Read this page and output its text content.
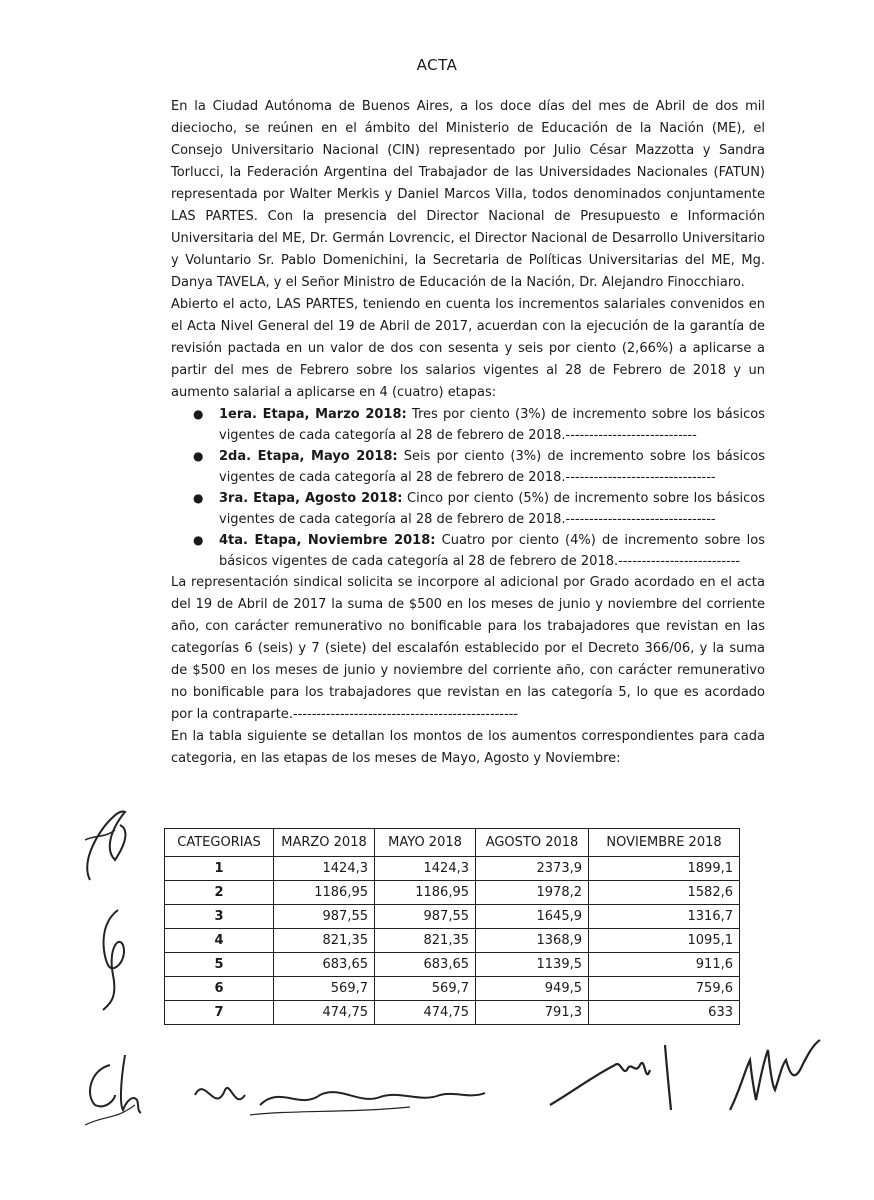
ACTA

En la Ciudad Autónoma de Buenos Aires, a los doce días del mes de Abril de dos mil dieciocho, se reúnen en el ámbito del Ministerio de Educación de la Nación (ME), el Consejo Universitario Nacional (CIN) representado por Julio César Mazzotta y Sandra Torlucci, la Federación Argentina del Trabajador de las Universidades Nacionales (FATUN) representada por Walter Merkis y Daniel Marcos Villa, todos denominados conjuntamente LAS PARTES. Con la presencia del Director Nacional de Presupuesto e Información Universitaria del ME, Dr. Germán Lovrencic, el Director Nacional de Desarrollo Universitario y Voluntario Sr. Pablo Domenichini, la Secretaria de Políticas Universitarias del ME, Mg. Danya TAVELA, y el Señor Ministro de Educación de la Nación, Dr. Alejandro Finocchiaro.

Abierto el acto, LAS PARTES, teniendo en cuenta los incrementos salariales convenidos en el Acta Nivel General del 19 de Abril de 2017, acuerdan con la ejecución de la garantía de revisión pactada en un valor de dos con sesenta y seis por ciento (2,66%) a aplicarse a partir del mes de Febrero sobre los salarios vigentes al 28 de Febrero de 2018 y un aumento salarial a aplicarse en 4 (cuatro) etapas:

● 1era. Etapa, Marzo 2018: Tres por ciento (3%) de incremento sobre los básicos vigentes de cada categoría al 28 de febrero de 2018.----------------------------
● 2da. Etapa, Mayo 2018: Seis por ciento (3%) de incremento sobre los básicos vigentes de cada categoría al 28 de febrero de 2018.--------------------------------
● 3ra. Etapa, Agosto 2018: Cinco por ciento (5%) de incremento sobre los básicos vigentes de cada categoría al 28 de febrero de 2018.--------------------------------
● 4ta. Etapa, Noviembre 2018: Cuatro por ciento (4%) de incremento sobre los básicos vigentes de cada categoría al 28 de febrero de 2018.--------------------------

La representación sindical solicita se incorpore al adicional por Grado acordado en el acta del 19 de Abril de 2017 la suma de $500 en los meses de junio y noviembre del corriente año, con carácter remunerativo no bonificable para los trabajadores que revistan en las categorías 6 (seis) y 7 (siete) del escalafón establecido por el Decreto 366/06, y la suma de $500 en los meses de junio y noviembre del corriente año, con carácter remunerativo no bonificable para los trabajadores que revistan en las categoría 5, lo que es acordado por la contraparte.------------------------------------------------

En la tabla siguiente se detallan los montos de los aumentos correspondientes para cada categoria, en las etapas de los meses de Mayo, Agosto y Noviembre:

CATEGORIAS	MARZO 2018	MAYO 2018	AGOSTO 2018	NOVIEMBRE 2018
1	1424,3	1424,3	2373,9	1899,1
2	1186,95	1186,95	1978,2	1582,6
3	987,55	987,55	1645,9	1316,7
4	821,35	821,35	1368,9	1095,1
5	683,65	683,65	1139,5	911,6
6	569,7	569,7	949,5	759,6
7	474,75	474,75	791,3	633
